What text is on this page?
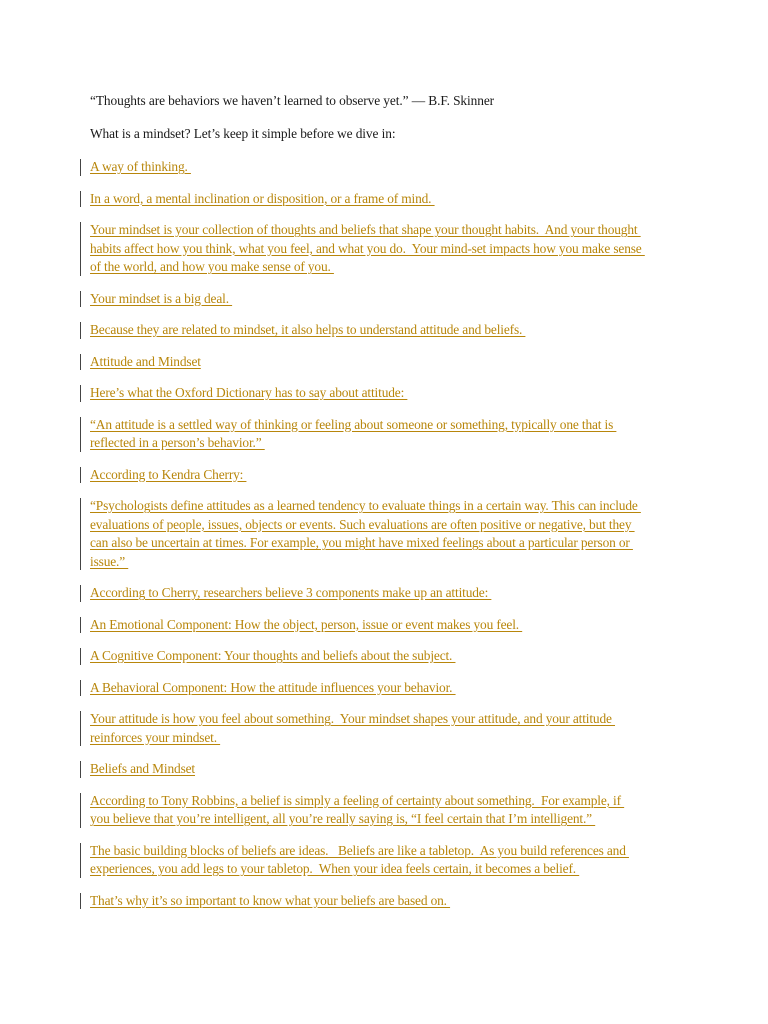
“Thoughts are behaviors we haven’t learned to observe yet.” — B.F. Skinner

What is a mindset? Let’s keep it simple before we dive in:

A way of thinking.
In a word, a mental inclination or disposition, or a frame of mind.
Your mindset is your collection of thoughts and beliefs that shape your thought habits.  And your thought
habits affect how you think, what you feel, and what you do.  Your mind-set impacts how you make sense
of the world, and how you make sense of you.
Your mindset is a big deal.
Because they are related to mindset, it also helps to understand attitude and beliefs.
Attitude and Mindset
Here’s what the Oxford Dictionary has to say about attitude:
“An attitude is a settled way of thinking or feeling about someone or something, typically one that is
reflected in a person’s behavior.”
According to Kendra Cherry:
“Psychologists define attitudes as a learned tendency to evaluate things in a certain way. This can include
evaluations of people, issues, objects or events. Such evaluations are often positive or negative, but they
can also be uncertain at times. For example, you might have mixed feelings about a particular person or
issue.”
According to Cherry, researchers believe 3 components make up an attitude:
An Emotional Component: How the object, person, issue or event makes you feel.
A Cognitive Component: Your thoughts and beliefs about the subject.
A Behavioral Component: How the attitude influences your behavior.
Your attitude is how you feel about something.  Your mindset shapes your attitude, and your attitude
reinforces your mindset.
Beliefs and Mindset
According to Tony Robbins, a belief is simply a feeling of certainty about something.  For example, if
you believe that you’re intelligent, all you’re really saying is, “I feel certain that I’m intelligent.”
The basic building blocks of beliefs are ideas.   Beliefs are like a tabletop.  As you build references and
experiences, you add legs to your tabletop.  When your idea feels certain, it becomes a belief.
That’s why it’s so important to know what your beliefs are based on.
